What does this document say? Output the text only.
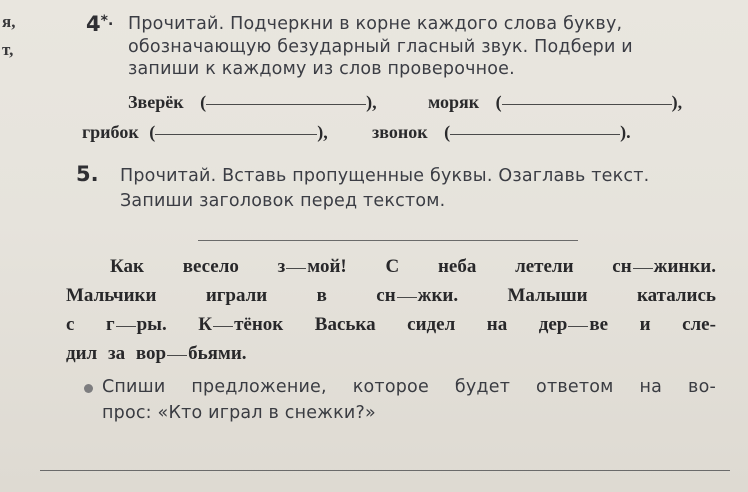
я,
т,
4*. Прочитай. Подчеркни в корне каждого слова букву,
обозначающую безударный гласный звук. Подбери и
запиши к каждому из слов проверочное.
Зверёк (	),	моряк (	),
грибок (	), звонок (	).
5. Прочитай. Вставь пропущенные буквы. Озаглавь текст.
Запиши заголовок перед текстом.
Как весело з мой! С неба летели сн жинки.
Мальчики	играли	в	сн жки.	Малыши	катались
с г ры. К тёнок Васька сидел на дер ве и сле-
дил за вор бьями.
Спиши предложение, которое будет ответом на во-
прос: «Кто играл в снежки?»
